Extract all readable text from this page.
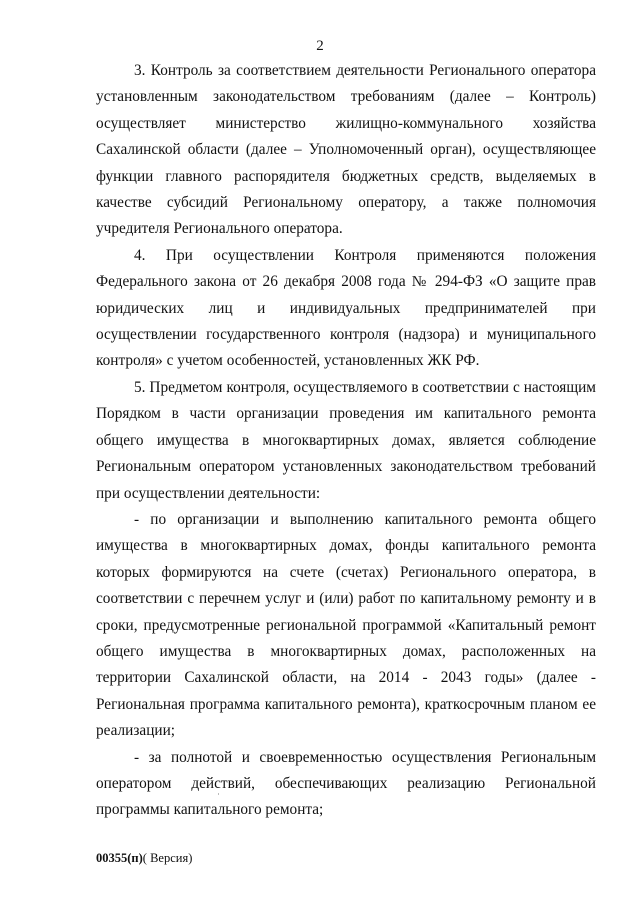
2

3. Контроль за соответствием деятельности Регионального оператора установленным законодательством требованиям (далее – Контроль) осуществляет министерство жилищно-коммунального хозяйства Сахалинской области (далее – Уполномоченный орган), осуществляющее функции главного распорядителя бюджетных средств, выделяемых в качестве субсидий Региональному оператору, а также полномочия учредителя Регионального оператора.

4. При осуществлении Контроля применяются положения Федерального закона от 26 декабря 2008 года № 294-ФЗ «О защите прав юридических лиц и индивидуальных предпринимателей при осуществлении государственного контроля (надзора) и муниципального контроля» с учетом особенностей, установленных ЖК РФ.

5. Предметом контроля, осуществляемого в соответствии с настоящим Порядком в части организации проведения им капитального ремонта общего имущества в многоквартирных домах, является соблюдение Региональным оператором установленных законодательством требований при осуществлении деятельности:

- по организации и выполнению капитального ремонта общего имущества в многоквартирных домах, фонды капитального ремонта которых формируются на счете (счетах) Регионального оператора, в соответствии с перечнем услуг и (или) работ по капитальному ремонту и в сроки, предусмотренные региональной программой «Капитальный ремонт общего имущества в многоквартирных домах, расположенных на территории Сахалинской области, на 2014 - 2043 годы» (далее - Региональная программа капитального ремонта), краткосрочным планом ее реализации;

- за полнотой и своевременностью осуществления Региональным оператором действий, обеспечивающих реализацию Региональной программы капитального ремонта;

00355(п)( Версия)
